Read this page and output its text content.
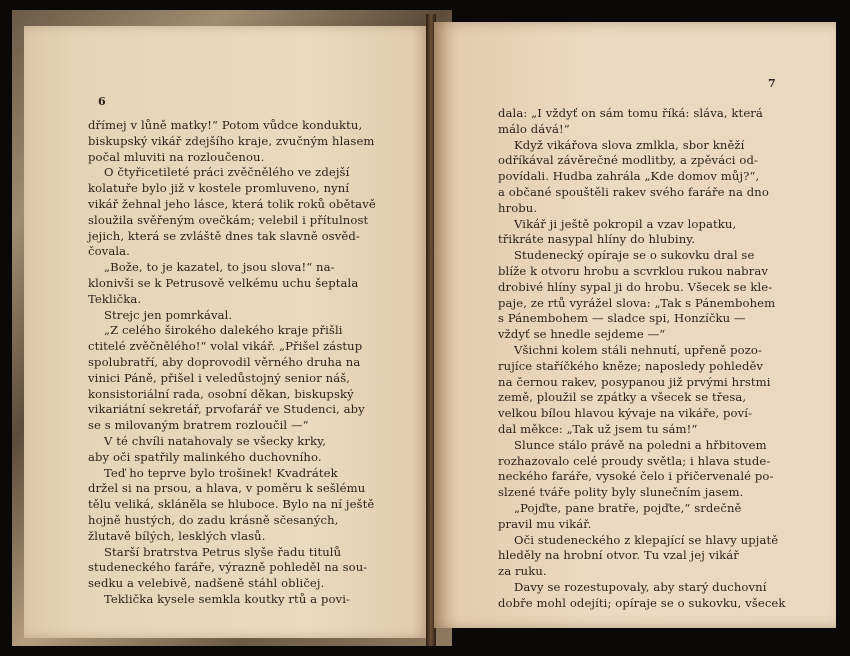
6
dřímej v lůně matky!“ Potom vůdce konduktu,
biskupský vikář zdejšího kraje, zvučným hlasem
počal mluviti na rozloučenou.
O čtyřicetileté práci zvěčnělého ve zdejší
kolatuře bylo již v kostele promluveno, nyní
vikář žehnal jeho lásce, která tolik roků obětavě
sloužila svěřeným ovečkám; velebil i přítulnost
jejich, která se zvláště dnes tak slavně osvěd-
čovala.
„Bože, to je kazatel, to jsou slova!“ na-
klonivši se k Petrusově velkému uchu šeptala
Teklička.
Strejc jen pomrkával.
„Z celého širokého dalekého kraje přišli
ctitelé zvěčnělého!“ volal vikář. „Přišel zástup
spolubratří, aby doprovodil věrného druha na
vinici Páně, přišel i veledůstojný senior náš,
konsistoriální rada, osobní děkan, biskupský
vikariátní sekretář, prvofarář ve Studenci, aby
se s milovaným bratrem rozloučil —“
V té chvíli natahovaly se všecky krky,
aby oči spatřily malinkého duchovního.
Teď ho teprve bylo trošinek! Kvadrátek
držel si na prsou, a hlava, v poměru k sešlému
tělu veliká, skláněla se hluboce. Bylo na ní ještě
hojně hustých, do zadu krásně sčesaných,
žlutavě bílých, lesklých vlasů.
Starší bratrstva Petrus slyše řadu titulů
studeneckého faráře, výrazně pohleděl na sou-
sedku a velebivě, nadšeně stáhl obličej.
Teklička kysele semkla koutky rtů a povi-
7
dala: „I vždyť on sám tomu říká: sláva, která
málo dává!“
Když vikářova slova zmlkla, sbor kněží
odříkával závěrečné modlitby, a zpěváci od-
povídali. Hudba zahrála „Kde domov můj?“,
a občané spouštěli rakev svého faráře na dno
hrobu.
Vikář ji ještě pokropil a vzav lopatku,
třikráte nasypal hlíny do hlubiny.
Studenecký opíraje se o sukovku dral se
blíže k otvoru hrobu a scvrklou rukou nabrav
drobivé hlíny sypal ji do hrobu. Všecek se kle-
paje, ze rtů vyrážel slova: „Tak s Pánembohem
s Pánembohem — sladce spi, Honzíčku —
vždyť se hnedle sejdeme —“
Všichni kolem stáli nehnutí, upřeně pozo-
rujíce staříčkého kněze; naposledy pohleděv
na černou rakev, posypanou již prvými hrstmi
země, ploužil se zpátky a všecek se třesa,
velkou bílou hlavou kývaje na vikáře, poví-
dal měkce: „Tak už jsem tu sám!“
Slunce stálo právě na poledni a hřbitovem
rozhazovalo celé proudy světla; i hlava stude-
neckého faráře, vysoké čelo i přičervenalé po-
slzené tváře polity byly slunečním jasem.
„Pojďte, pane bratře, pojďte,“ srdečně
pravil mu vikář.
Oči studeneckého z klepající se hlavy upjatě
hleděly na hrobní otvor. Tu vzal jej vikář
za ruku.
Davy se rozestupovaly, aby starý duchovní
dobře mohl odejíti; opíraje se o sukovku, všecek
